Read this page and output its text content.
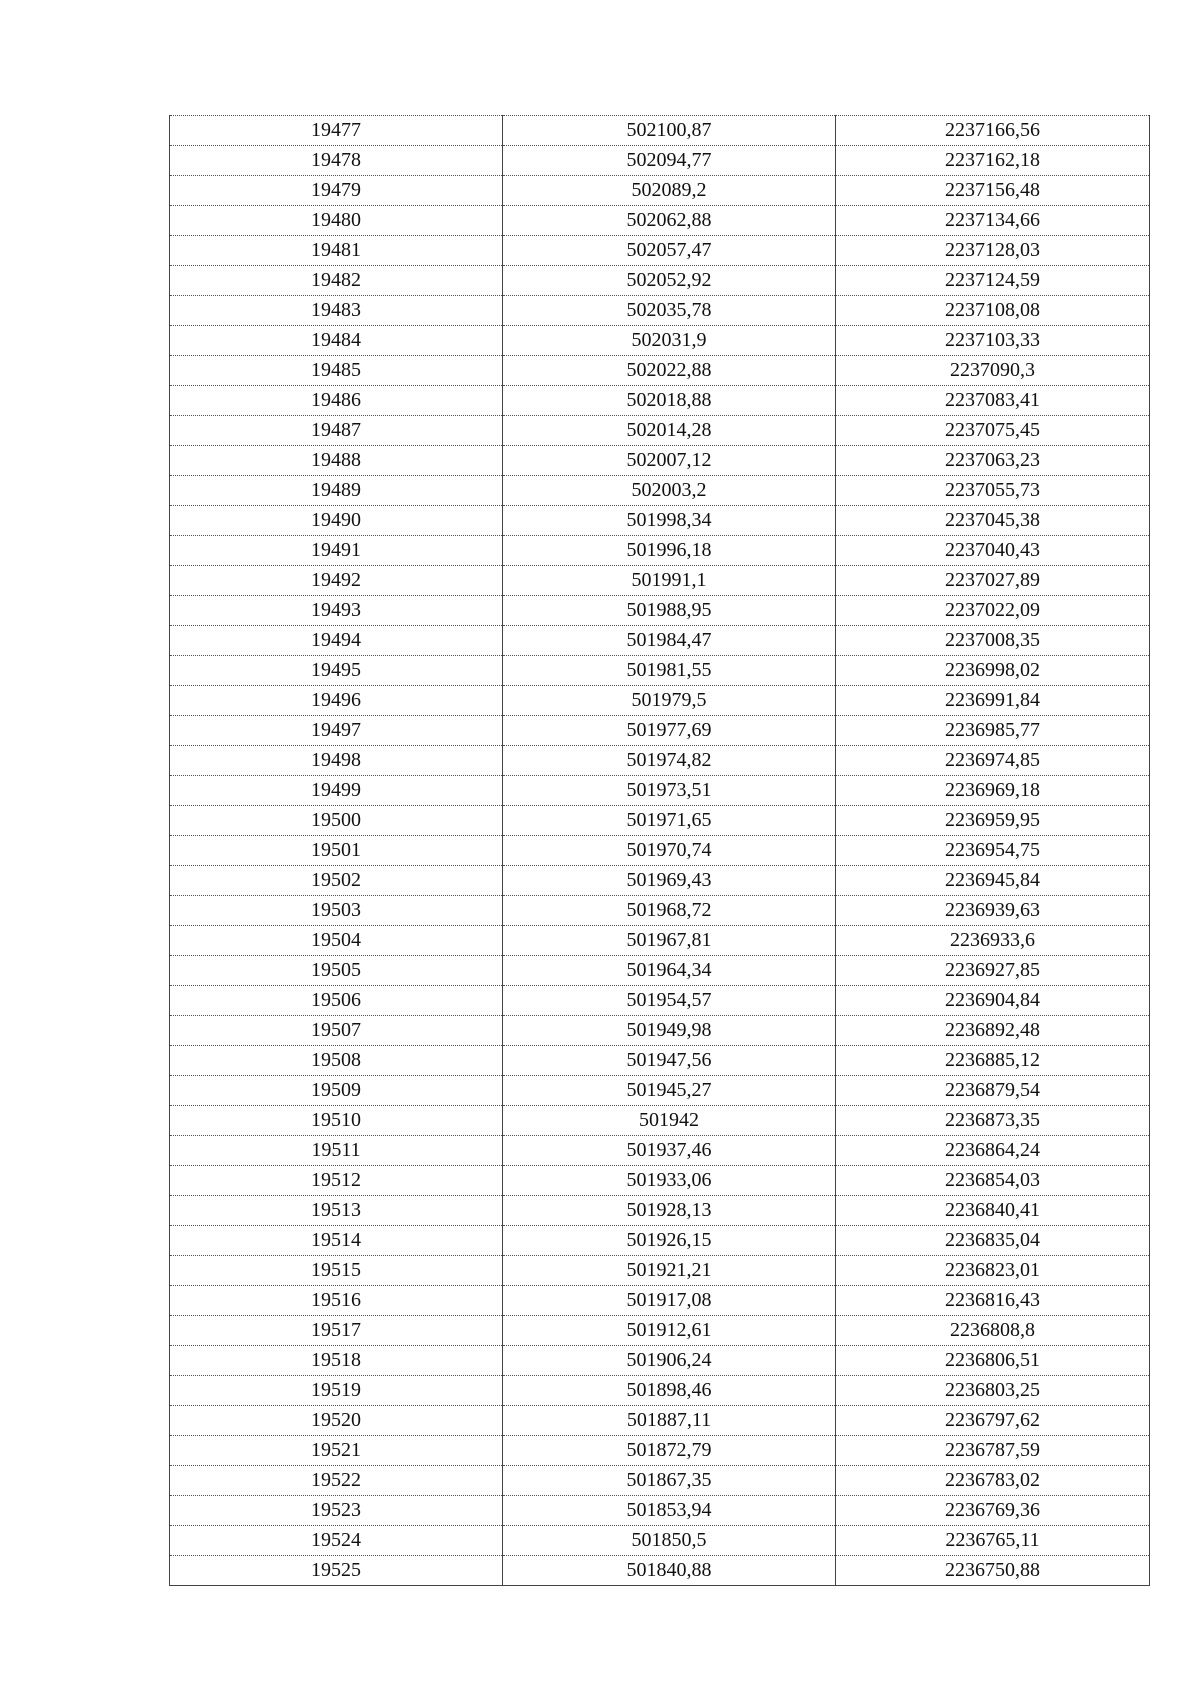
19477	502100,87	2237166,56
19478	502094,77	2237162,18
19479	502089,2	2237156,48
19480	502062,88	2237134,66
19481	502057,47	2237128,03
19482	502052,92	2237124,59
19483	502035,78	2237108,08
19484	502031,9	2237103,33
19485	502022,88	2237090,3
19486	502018,88	2237083,41
19487	502014,28	2237075,45
19488	502007,12	2237063,23
19489	502003,2	2237055,73
19490	501998,34	2237045,38
19491	501996,18	2237040,43
19492	501991,1	2237027,89
19493	501988,95	2237022,09
19494	501984,47	2237008,35
19495	501981,55	2236998,02
19496	501979,5	2236991,84
19497	501977,69	2236985,77
19498	501974,82	2236974,85
19499	501973,51	2236969,18
19500	501971,65	2236959,95
19501	501970,74	2236954,75
19502	501969,43	2236945,84
19503	501968,72	2236939,63
19504	501967,81	2236933,6
19505	501964,34	2236927,85
19506	501954,57	2236904,84
19507	501949,98	2236892,48
19508	501947,56	2236885,12
19509	501945,27	2236879,54
19510	501942	2236873,35
19511	501937,46	2236864,24
19512	501933,06	2236854,03
19513	501928,13	2236840,41
19514	501926,15	2236835,04
19515	501921,21	2236823,01
19516	501917,08	2236816,43
19517	501912,61	2236808,8
19518	501906,24	2236806,51
19519	501898,46	2236803,25
19520	501887,11	2236797,62
19521	501872,79	2236787,59
19522	501867,35	2236783,02
19523	501853,94	2236769,36
19524	501850,5	2236765,11
19525	501840,88	2236750,88
